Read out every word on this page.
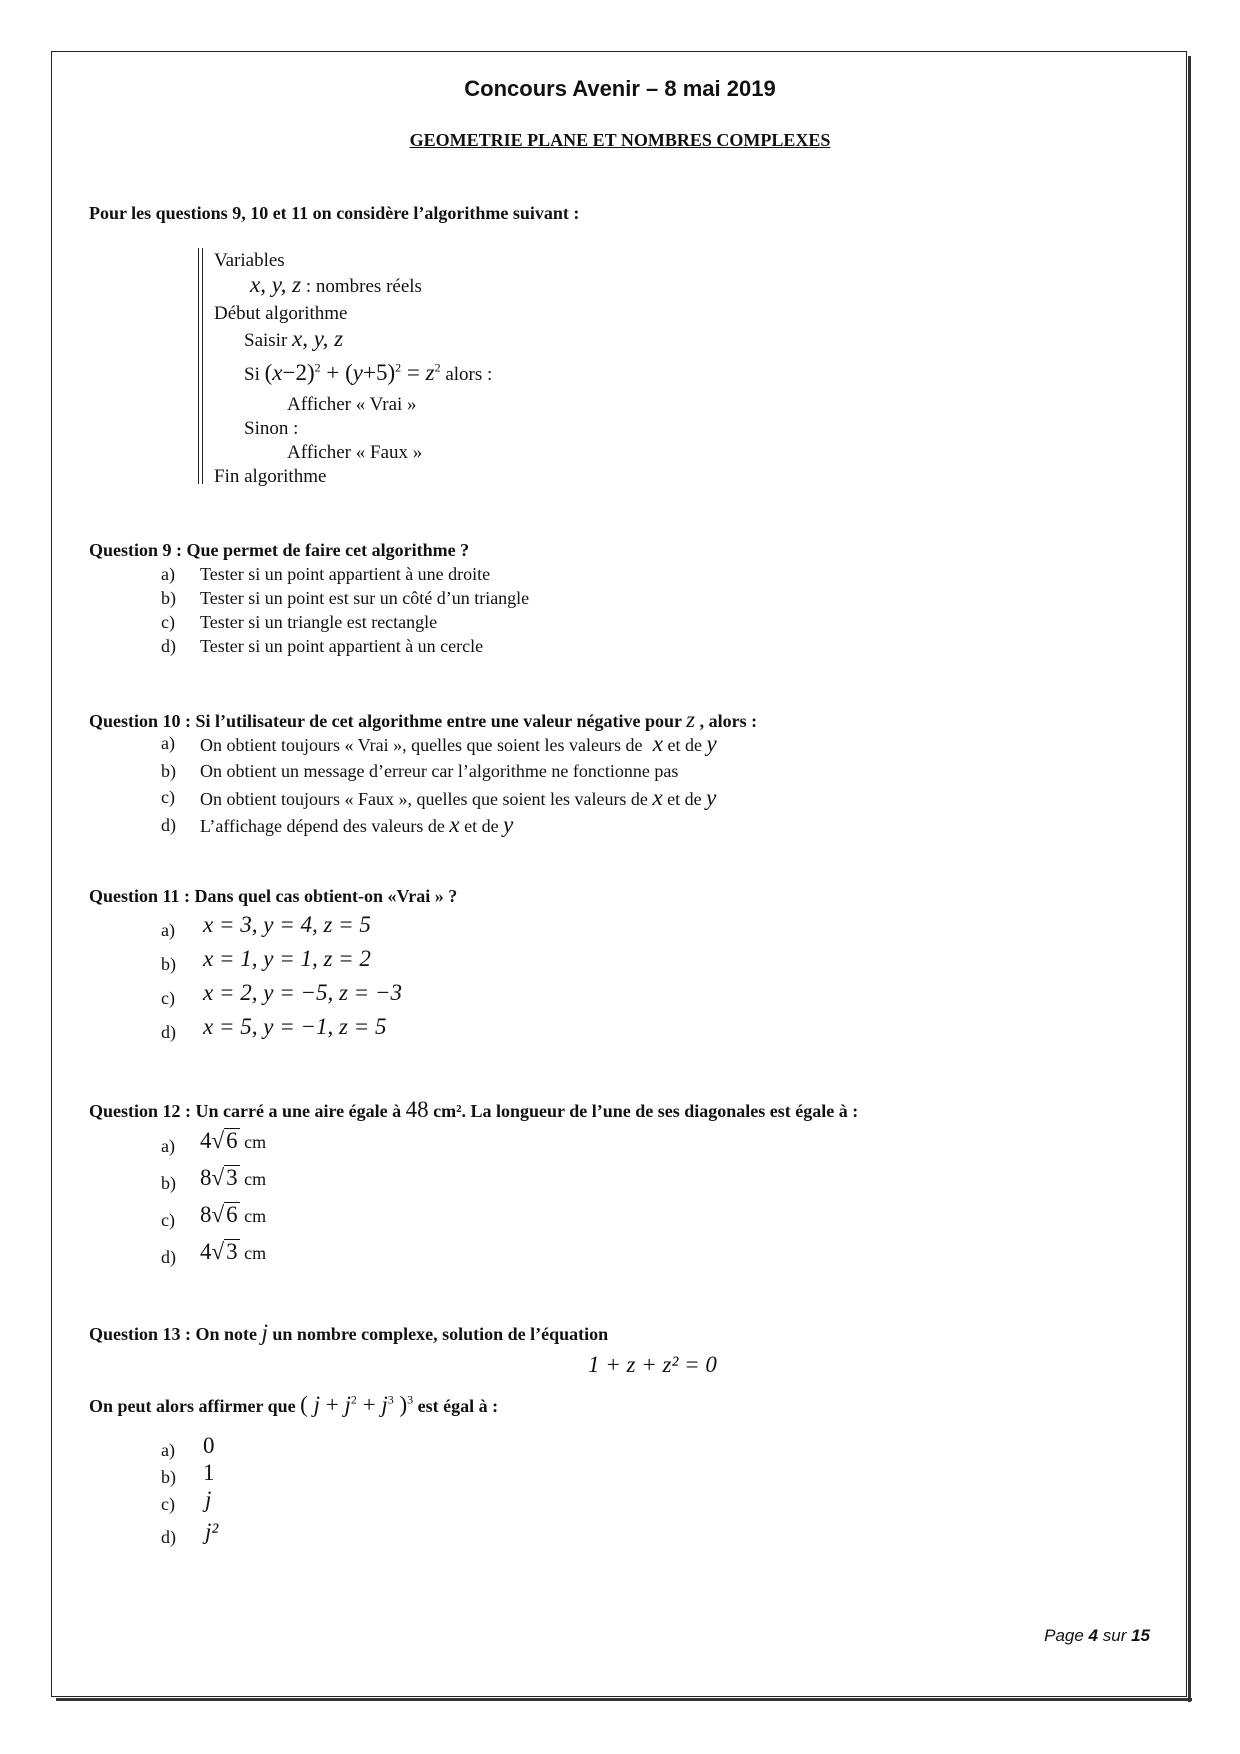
Concours Avenir – 8 mai 2019
GEOMETRIE PLANE ET NOMBRES COMPLEXES
Pour les questions 9, 10 et 11 on considère l’algorithme suivant :
Variables
x, y, z : nombres réels
Début algorithme
Saisir x, y, z
Si $(x-2)^2 + (y+5)^2 = z^2$ alors :
Afficher « Vrai »
Sinon :
Afficher « Faux »
Fin algorithme
Question 9 : Que permet de faire cet algorithme ?
a) Tester si un point appartient à une droite
b) Tester si un point est sur un côté d’un triangle
c) Tester si un triangle est rectangle
d) Tester si un point appartient à un cercle
Question 10 : Si l’utilisateur de cet algorithme entre une valeur négative pour z , alors :
a) On obtient toujours « Vrai », quelles que soient les valeurs de  x et de y
b) On obtient un message d’erreur car l’algorithme ne fonctionne pas
c) On obtient toujours « Faux », quelles que soient les valeurs de x et de y
d) L’affichage dépend des valeurs de x et de y
Question 11 : Dans quel cas obtient-on «Vrai » ?
a) x = 3, y = 4, z = 5
b) x = 1, y = 1, z = 2
c) x = 2, y = −5, z = −3
d) x = 5, y = −1, z = 5
Question 12 : Un carré a une aire égale à 48 cm². La longueur de l’une de ses diagonales est égale à :
a) 4√6 cm
b) 8√3 cm
c) 8√6 cm
d) 4√3 cm
Question 13 : On note j un nombre complexe, solution de l’équation
1 + z + z² = 0
On peut alors affirmer que ( $j + j^2 + j^3$ )$^3$ est égal à :
a) 0
b) 1
c) j
d) j²
Page 4 sur 15
